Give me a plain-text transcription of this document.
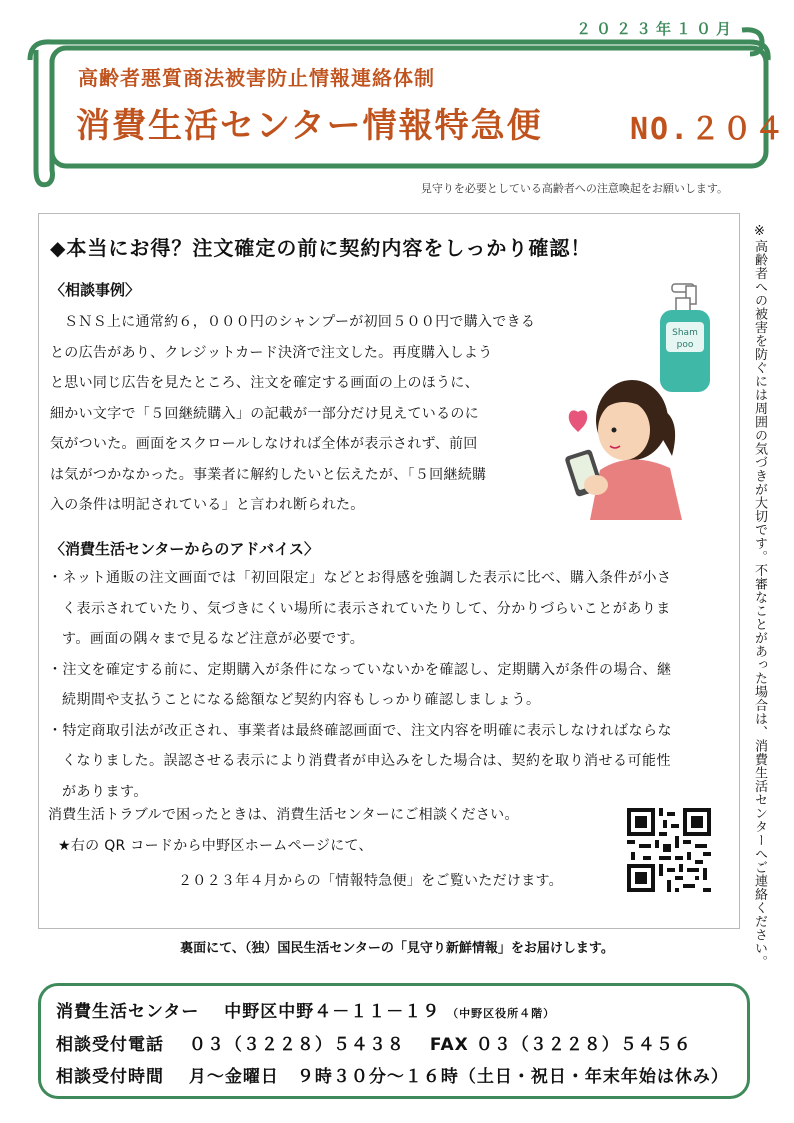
２０２３年１０月
高齢者悪質商法被害防止情報連絡体制
消費生活センター情報特急便	NO.２０４
見守りを必要としている高齢者への注意喚起をお願いします。
◆本当にお得？注文確定の前に契約内容をしっかり確認！
〈相談事例〉
ＳＮＳ上に通常約６，０００円のシャンプーが初回５００円で購入できる
との広告があり、クレジットカード決済で注文した。再度購入しよう
と思い同じ広告を見たところ、注文を確定する画面の上のほうに、
細かい文字で「５回継続購入」の記載が一部分だけ見えているのに
気がついた。画面をスクロールしなければ全体が表示されず、前回
は気がつかなかった。事業者に解約したいと伝えたが、「５回継続購
入の条件は明記されている」と言われ断られた。
Sham
poo
〈消費生活センターからのアドバイス〉
・ネット通販の注文画面では「初回限定」などとお得感を強調した表示に比べ、購入条件が小さ
く表示されていたり、気づきにくい場所に表示されていたりして、分かりづらいことがありま
す。画面の隅々まで見るなど注意が必要です。
・注文を確定する前に、定期購入が条件になっていないかを確認し、定期購入が条件の場合、継
続期間や支払うことになる総額など契約内容もしっかり確認しましょう。
・特定商取引法が改正され、事業者は最終確認画面で、注文内容を明確に表示しなければならな
くなりました。誤認させる表示により消費者が申込みをした場合は、契約を取り消せる可能性
があります。
消費生活トラブルで困ったときは、消費生活センターにご相談ください。
★右の QR コードから中野区ホームページにて、
２０２３年４月からの「情報特急便」をご覧いただけます。	※高齢者への被害を防ぐには周囲の気づきが大切です。不審なことがあった場合は、消費生活センターへご連絡ください。
裏面にて、（独）国民生活センターの「見守り新鮮情報」をお届けします。
消費生活センター　 中野区中野４－１１－１９ （中野区役所４階）
相談受付電話　 ０３（３２２８）５４３８　 FAX ０３（３２２８）５４５６
相談受付時間　 月～金曜日　９時３０分～１６時（土日・祝日・年末年始は休み）
